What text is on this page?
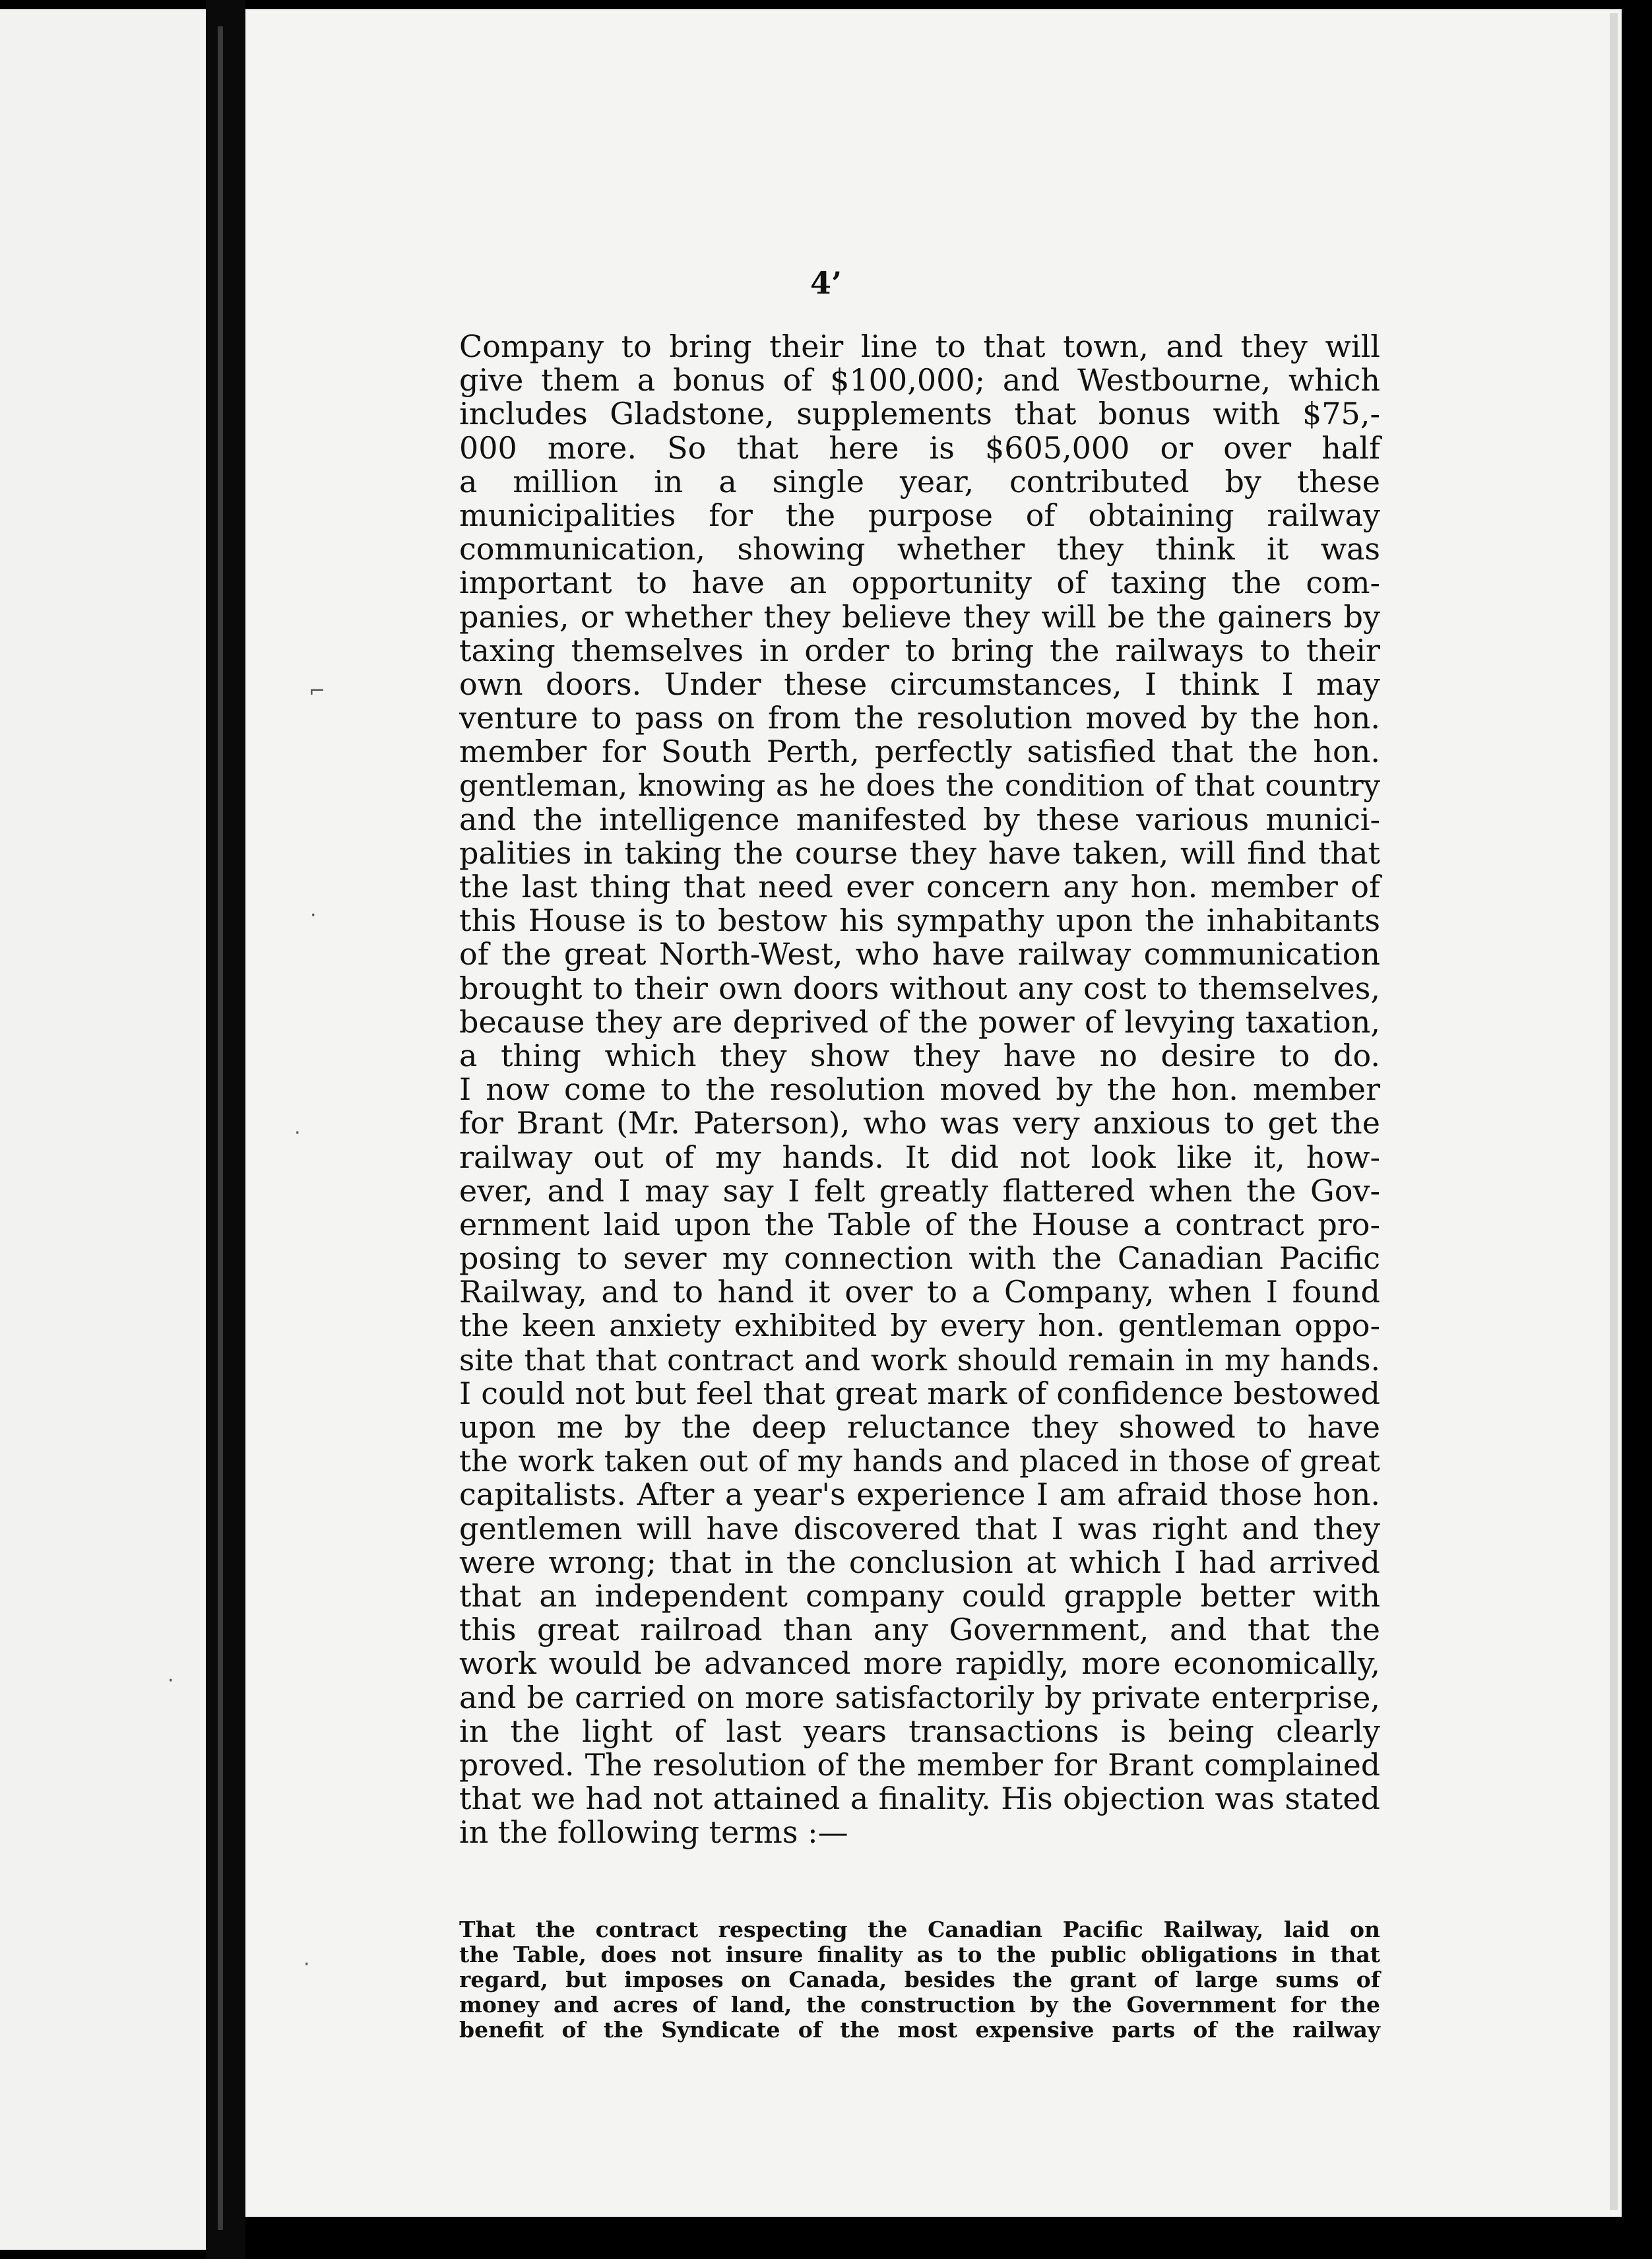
⌐
·
·
·
·
4’
Company to bring their line to that town, and they will
give them a bonus of $100,000; and Westbourne, which
includes Gladstone, supplements that bonus with $75,-
000 more. So that here is $605,000 or over half
a million in a single year, contributed by these
municipalities for the purpose of obtaining railway
communication, showing whether they think it was
important to have an opportunity of taxing the com-
panies, or whether they believe they will be the gainers by
taxing themselves in order to bring the railways to their
own doors. Under these circumstances, I think I may
venture to pass on from the resolution moved by the hon.
member for South Perth, perfectly satisfied that the hon.
gentleman, knowing as he does the condition of that country
and the intelligence manifested by these various munici-
palities in taking the course they have taken, will find that
the last thing that need ever concern any hon. member of
this House is to bestow his sympathy upon the inhabitants
of the great North-West, who have railway communication
brought to their own doors without any cost to themselves,
because they are deprived of the power of levying taxation,
a thing which they show they have no desire to do.
I now come to the resolution moved by the hon. member
for Brant (Mr. Paterson), who was very anxious to get the
railway out of my hands. It did not look like it, how-
ever, and I may say I felt greatly flattered when the Gov-
ernment laid upon the Table of the House a contract pro-
posing to sever my connection with the Canadian Pacific
Railway, and to hand it over to a Company, when I found
the keen anxiety exhibited by every hon. gentleman oppo-
site that that contract and work should remain in my hands.
I could not but feel that great mark of confidence bestowed
upon me by the deep reluctance they showed to have
the work taken out of my hands and placed in those of great
capitalists. After a year's experience I am afraid those hon.
gentlemen will have discovered that I was right and they
were wrong; that in the conclusion at which I had arrived
that an independent company could grapple better with
this great railroad than any Government, and that the
work would be advanced more rapidly, more economically,
and be carried on more satisfactorily by private enterprise,
in the light of last years transactions is being clearly
proved. The resolution of the member for Brant complained
that we had not attained a finality. His objection was stated
in the following terms :—
That the contract respecting the Canadian Pacific Railway, laid on
the Table, does not insure finality as to the public obligations in that
regard, but imposes on Canada, besides the grant of large sums of
money and acres of land, the construction by the Government for the
benefit of the Syndicate of the most expensive parts of the railway
